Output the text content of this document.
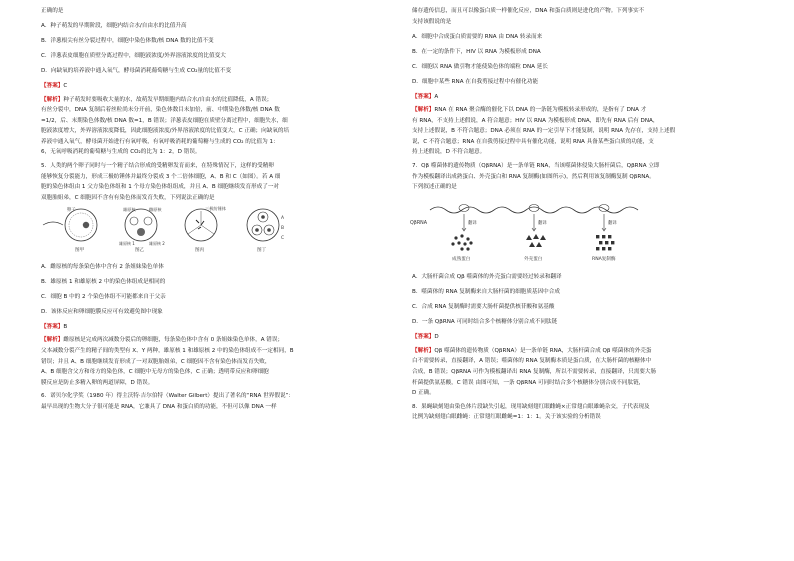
正确的是
A．种子萌发的早期阶段，细胞内结合水/自由水的比值升高
B．洋葱根尖有丝分裂过程中，细胞中染色体数/核 DNA 数的比值不变
C．洋葱表皮细胞在质壁分离过程中，细胞液浓度/外界溶液浓度的比值变大
D．向缺氧的培养液中通入氧气，酵母菌消耗葡萄糖与生成 CO₂量的比值不变
【答案】C
【解析】种子萌发时要吸收大量的水，故萌发早期细胞内结合水/自由水的比值降低，A 错误；
有丝分裂中，DNA 复制后着丝粒尚未分开前，染色体数目未加倍，前、中期染色体数/核 DNA 数
=1/2，后、末期染色体数/核 DNA 数=1，B 错误；洋葱表皮细胞在质壁分离过程中，细胞失水，细
胞液浓度增大，外界溶液浓度降低，因此细胞液浓度/外界溶液浓度的比值变大，C 正确；向缺氧的培
养液中通入氧气，酵母菌开始进行有氧呼吸，有氧呼吸消耗的葡萄糖与生成的 CO₂ 的比值为 1：
6，无氧呼吸消耗的葡萄糖与生成的 CO₂的比为 1：2，D 错误。
5．人类的两个卵子同时与一个精子结合形成的受精卵发育而来，在特殊情况下，这样的受精卵
能够恢复分裂能力，形成三极纺锤体并最终分裂成 3 个二倍体细胞，A、B 和 C（如图）。若 A 细
胞的染色体组由 1 父方染色体组和 1 个母方染色体组组成，并且 A、B 细胞继续发育形成了一对
双胞胎姐弟，C 细胞因不含有有染色体而发育失败，下列说法正确的是
卵子
图甲
雄原核	雌原核
雄原核 1
图乙
三极纺锤体
图丙
A
B
C
图丁
雄原核 2
A．雌原核的每条染色体中含有 2 条姐妹染色单体
B．雄原核 1 和雄原核 2 中的染色体组成是相同的
C．细胞 B 中的 2 个染色体组不可能都来自于父亲
D．该体反应和卵细胞膜反应可有效避免图中现象
【答案】B
【解析】雌原核是完成两次减数分裂后的卵细胞，每条染色体中含有 0 条姐妹染色单体，A 错误；
父本减数分裂产生的精子间的类型有 X、Y 两种，雄原核 1 和雄原核 2 中的染色体组成不一定相同，B
错误；并且 A、B 细胞继续发育形成了一对双胞胎姐弟，C 细胞因不含有染色体而发育失败，
A、B 细胞含父方和母方的染色体，C 细胞中无母方的染色体，C 正确；透明带反应和卵细胞
膜反应是防止多精入卵的两道屏障，D 错误。
6．诺贝尔化学奖（1980 年）得主沃特·吉尔伯特（Walter Gilbert）提出了著名的“RNA 世界假说”：
最早出现的生物大分子很可能是 RNA，它兼具了 DNA 和蛋白质的功能，不但可以像 DNA 一样
储存遗传信息，而且可以像蛋白质一样催化反应，DNA 和蛋白质则是进化的产物。下列事实不
支持该假说的是
A．细胞中合成蛋白质需要的 RNA 由 DNA 转录而来
B．在一定的条件下，HIV 以 RNA 为模板形成 DNA
C．细胞以 RNA 做引物才能使染色体的端粒 DNA 延长
D．细胞中某些 RNA 在自我剪接过程中有催化功能
【答案】A
【解析】RNA 在 RNA 聚合酶的催化下以 DNA 的一条链为模板转录形成的，是指有了 DNA 才
有 RNA，不支持上述假说，A 符合题意；HIV 以 RNA 为模板形成 DNA，即先有 RNA 后有 DNA，
支持上述假说，B 不符合题意；DNA 必须在 RNA 的一定引导下才能复制，说明 RNA 先存在，支持上述假
说，C 不符合题意；RNA 在自我剪接过程中具有催化功能，说明 RNA 具备某些蛋白质的功能，支
持上述假说，D 不符合题意。
7．Qβ 噬菌体的遗传物质（QβRNA）是一条单链 RNA，当该噬菌体侵染大肠杆菌后，QβRNA 立即
作为模板翻译出成熟蛋白、外壳蛋白和 RNA 复制酶(如图所示)，然后利用该复制酶复制 QβRNA。
下列叙述正确的是
QβRNA	翻译	翻译	翻译
成熟蛋白	外壳蛋白	RNA复制酶
A．大肠杆菌合成 Qβ 噬菌体的外壳蛋白需要经过转录和翻译
B．噬菌体的 RNA 复制酶来自大肠杆菌的细胞质基因中合成
C．合成 RNA 复制酶时需要大肠杆菌提供核苷酸和氨基酸
D．一条 QβRNA 可同时结合多个核糖体分别合成不同肽链
【答案】D
【解析】Qβ 噬菌体的遗传物质（QβRNA）是一条单链 RNA，大肠杆菌合成 Qβ 噬菌体的外壳蛋
白不需要转录，直接翻译，A 错误；噬菌体的 RNA 复制酶本质是蛋白质，在大肠杆菌的核糖体中
合成，B 错误；QβRNA 可作为模板翻译出 RNA 复制酶，所以不需要转录，直接翻译，只需要大肠
杆菌提供氨基酸，C 错误 由图可知，一条 QβRNA 可同时结合多个核糖体分别合成不同肽链，
D 正确。
8．果蝇缺刻翅由染色体片段缺失引起，现用缺刻翅红眼雌蝇×正常翅白眼雄蝇杂交，子代表现及
比例为缺刻翅白眼雌蝇：正常翅红眼雌蝇=1：1：1。关于该实验的分析错误
